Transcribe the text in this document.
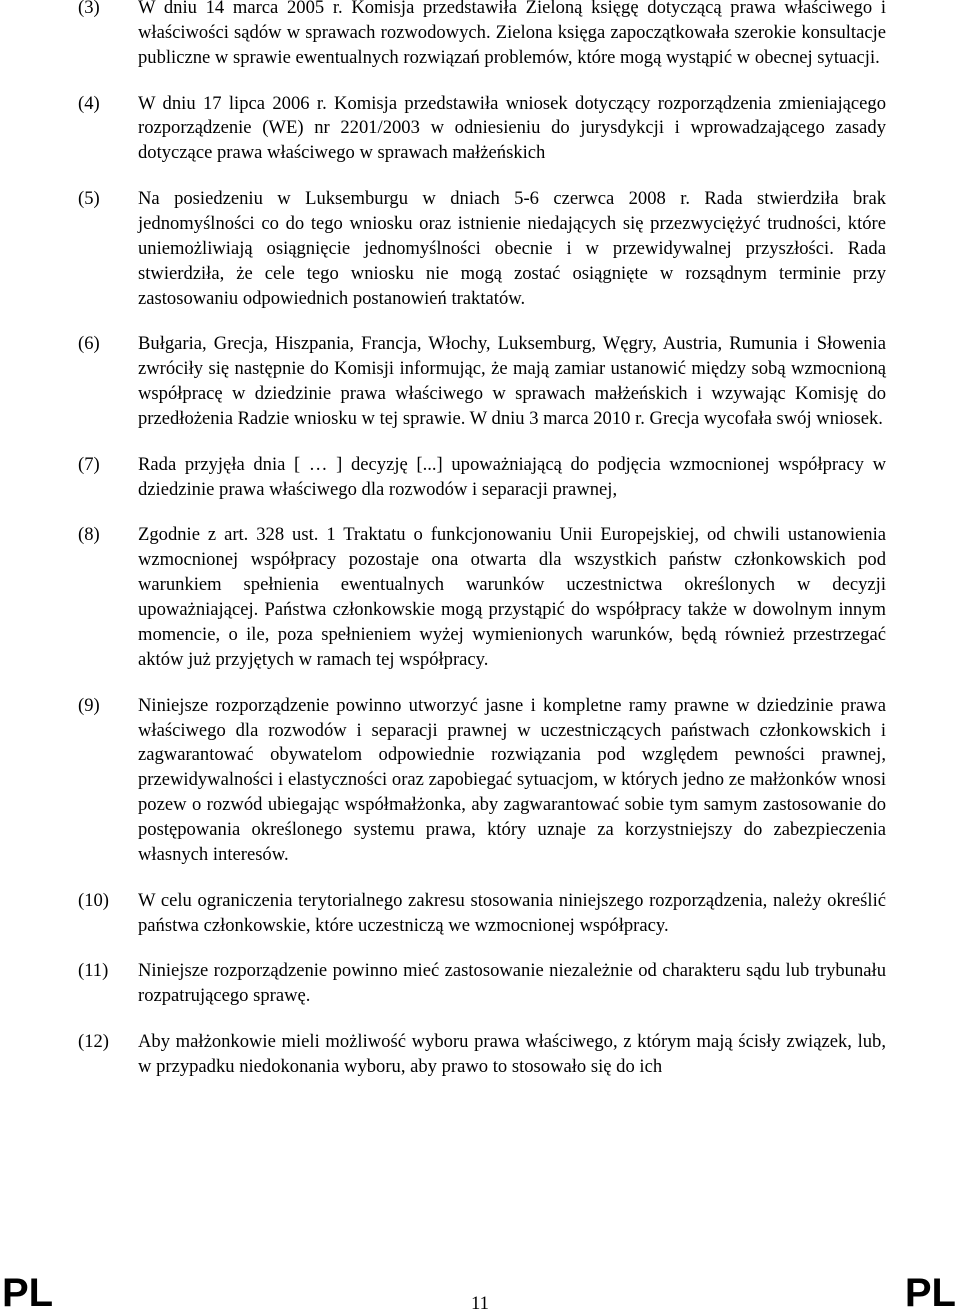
(3)	W dniu 14 marca 2005 r. Komisja przedstawiła Zieloną księgę dotyczącą prawa właściwego i właściwości sądów w sprawach rozwodowych. Zielona księga zapoczątkowała szerokie konsultacje publiczne w sprawie ewentualnych rozwiązań problemów, które mogą wystąpić w obecnej sytuacji.
(4)	W dniu 17 lipca 2006 r. Komisja przedstawiła wniosek dotyczący rozporządzenia zmieniającego rozporządzenie (WE) nr 2201/2003 w odniesieniu do jurysdykcji i wprowadzającego zasady dotyczące prawa właściwego w sprawach małżeńskich
(5)	Na posiedzeniu w Luksemburgu w dniach 5-6 czerwca 2008 r. Rada stwierdziła brak jednomyślności co do tego wniosku oraz istnienie niedających się przezwyciężyć trudności, które uniemożliwiają osiągnięcie jednomyślności obecnie i w przewidywalnej przyszłości. Rada stwierdziła, że cele tego wniosku nie mogą zostać osiągnięte w rozsądnym terminie przy zastosowaniu odpowiednich postanowień traktatów.
(6)	Bułgaria, Grecja, Hiszpania, Francja, Włochy, Luksemburg, Węgry, Austria, Rumunia i Słowenia zwróciły się następnie do Komisji informując, że mają zamiar ustanowić między sobą wzmocnioną współpracę w dziedzinie prawa właściwego w sprawach małżeńskich i wzywając Komisję do przedłożenia Radzie wniosku w tej sprawie. W dniu 3 marca 2010 r. Grecja wycofała swój wniosek.
(7)	Rada przyjęła dnia [ … ] decyzję [...] upoważniającą do podjęcia wzmocnionej współpracy w dziedzinie prawa właściwego dla rozwodów i separacji prawnej,
(8)	Zgodnie z art. 328 ust. 1 Traktatu o funkcjonowaniu Unii Europejskiej, od chwili ustanowienia wzmocnionej współpracy pozostaje ona otwarta dla wszystkich państw członkowskich pod warunkiem spełnienia ewentualnych warunków uczestnictwa określonych w decyzji upoważniającej. Państwa członkowskie mogą przystąpić do współpracy także w dowolnym innym momencie, o ile, poza spełnieniem wyżej wymienionych warunków, będą również przestrzegać aktów już przyjętych w ramach tej współpracy.
(9)	Niniejsze rozporządzenie powinno utworzyć jasne i kompletne ramy prawne w dziedzinie prawa właściwego dla rozwodów i separacji prawnej w uczestniczących państwach członkowskich i zagwarantować obywatelom odpowiednie rozwiązania pod względem pewności prawnej, przewidywalności i elastyczności oraz zapobiegać sytuacjom, w których jedno ze małżonków wnosi pozew o rozwód ubiegając współmałżonka, aby zagwarantować sobie tym samym zastosowanie do postępowania określonego systemu prawa, który uznaje za korzystniejszy do zabezpieczenia własnych interesów.
(10)	W celu ograniczenia terytorialnego zakresu stosowania niniejszego rozporządzenia, należy określić państwa członkowskie, które uczestniczą we wzmocnionej współpracy.
(11)	Niniejsze rozporządzenie powinno mieć zastosowanie niezależnie od charakteru sądu lub trybunału rozpatrującego sprawę.
(12)	Aby małżonkowie mieli możliwość wyboru prawa właściwego, z którym mają ścisły związek, lub, w przypadku niedokonania wyboru, aby prawo to stosowało się do ich
PL	11	PL
